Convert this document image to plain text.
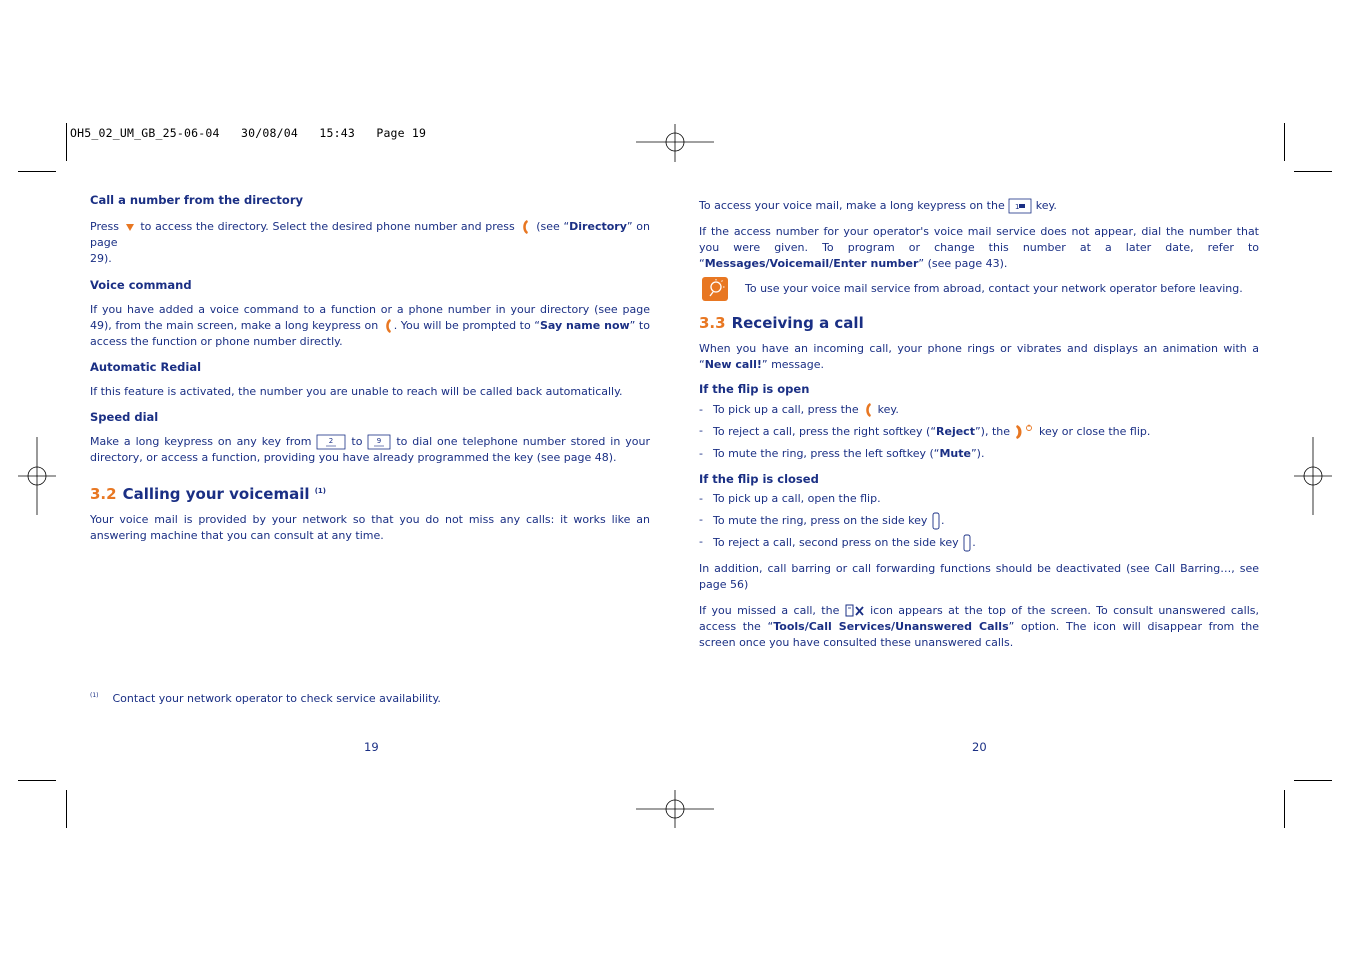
OH5_02_UM_GB_25-06-04   30/08/04   15:43   Page 19
Call a number from the directory

Press to access the directory. Select the desired phone number and press (see “Directory” on page
29).

Voice command

If you have added a voice command to a function or a phone number in your directory (see page 49), from the main screen, make a long keypress on . You will be prompted to “Say name now” to access the function or phone number directly.

Automatic Redial

If this feature is activated, the number you are unable to reach will be called back automatically.

Speed dial

Make a long keypress on any key from	2 to 9 to dial one telephone number stored in your directory, or access a function, providing you have already programmed the key (see page 48).

3.2 Calling your voicemail $^{(1)}$

Your voice mail is provided by your network so that you do not miss any calls: it works like an answering machine that you can consult at any time.

$^{(1)}$ Contact your network operator to check service availability.
19

To access your voice mail, make a long keypress on the 1 key.

If the access number for your operator's voice mail service does not appear, dial the number that you were given. To program or change this number at a later date, refer to “Messages/Voicemail/Enter number” (see page 43).

To use your voice mail service from abroad, contact your network operator before leaving.
3.3 Receiving a call

When you have an incoming call, your phone rings or vibrates and displays an animation with a “New call!” message.

If the flip is open
- To pick up a call, press the key.
- To reject a call, press the right softkey (“Reject”), the	key or close the flip.
- To mute the ring, press the left softkey (“Mute”).
If the flip is closed
- To pick up a call, open the flip.
- To mute the ring, press on the side key .
- To reject a call, second press on the side key .

In addition, call barring or call forwarding functions should be deactivated (see Call Barring…, see page 56)

If you missed a call, the	icon appears at the top of the screen. To consult unanswered calls, access the “Tools/Call Services/Unanswered Calls” option. The icon will disappear from the screen once you have consulted these unanswered calls.

20
